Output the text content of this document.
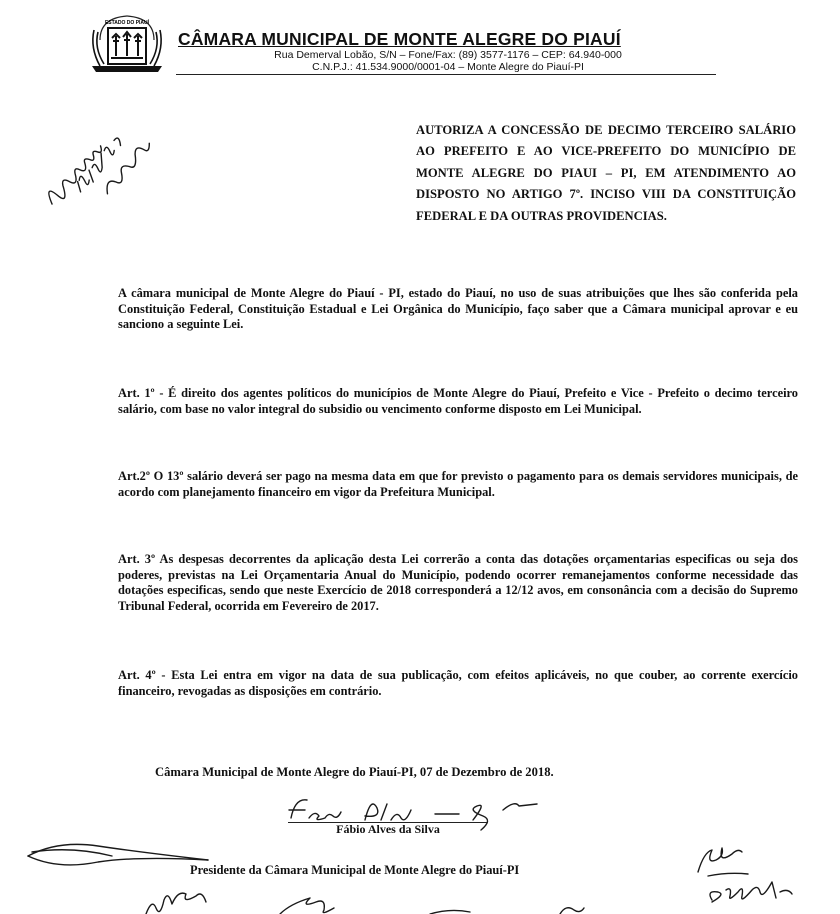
ESTADO DO PIAUÍ
CÂMARA MUNICIPAL DE MONTE ALEGRE DO PIAUÍ
Rua Demerval Lobão, S/N – Fone/Fax: (89) 3577-1176 – CEP: 64.940-000
C.N.P.J.: 41.534.9000/0001-04 – Monte Alegre do Piauí-PI
Recebido 12/12/2018
AUTORIZA A CONCESSÃO DE DECIMO TERCEIRO SALÁRIO AO PREFEITO E AO VICE-PREFEITO DO MUNICÍPIO DE MONTE ALEGRE DO PIAUI – PI, EM ATENDIMENTO AO DISPOSTO NO ARTIGO 7º. INCISO VIII DA CONSTITUIÇÃO FEDERAL E DA OUTRAS PROVIDENCIAS.
A câmara municipal de Monte Alegre do Piauí - PI, estado do Piauí, no uso de suas atribuições que lhes são conferida pela Constituição Federal, Constituição Estadual e Lei Orgânica do Município, faço saber que a Câmara municipal aprovar e eu sanciono a seguinte Lei.
Art. 1º - É direito dos agentes políticos do municípios de Monte Alegre do Piauí, Prefeito e Vice - Prefeito o decimo terceiro salário, com base no valor integral do subsidio ou vencimento conforme disposto em Lei Municipal.
Art.2º O 13º salário deverá ser pago na mesma data em que for previsto o pagamento para os demais servidores municipais, de acordo com planejamento financeiro em vigor da Prefeitura Municipal.
Art. 3º As despesas decorrentes da aplicação desta Lei correrão a conta das dotações orçamentarias especificas ou seja dos poderes, previstas na Lei Orçamentaria Anual do Município, podendo ocorrer remanejamentos conforme necessidade das dotações especificas, sendo que neste Exercício de 2018 corresponderá a 12/12 avos, em consonância com a decisão do Supremo Tribunal Federal, ocorrida em Fevereiro de 2017.
Art. 4º - Esta Lei entra em vigor na data de sua publicação, com efeitos aplicáveis, no que couber, ao corrente exercício financeiro, revogadas as disposições em contrário.
Câmara Municipal de Monte Alegre do Piauí-PI, 07 de Dezembro de 2018.
Fábio Alves da Silva
Presidente da Câmara Municipal de Monte Alegre do Piauí-PI
